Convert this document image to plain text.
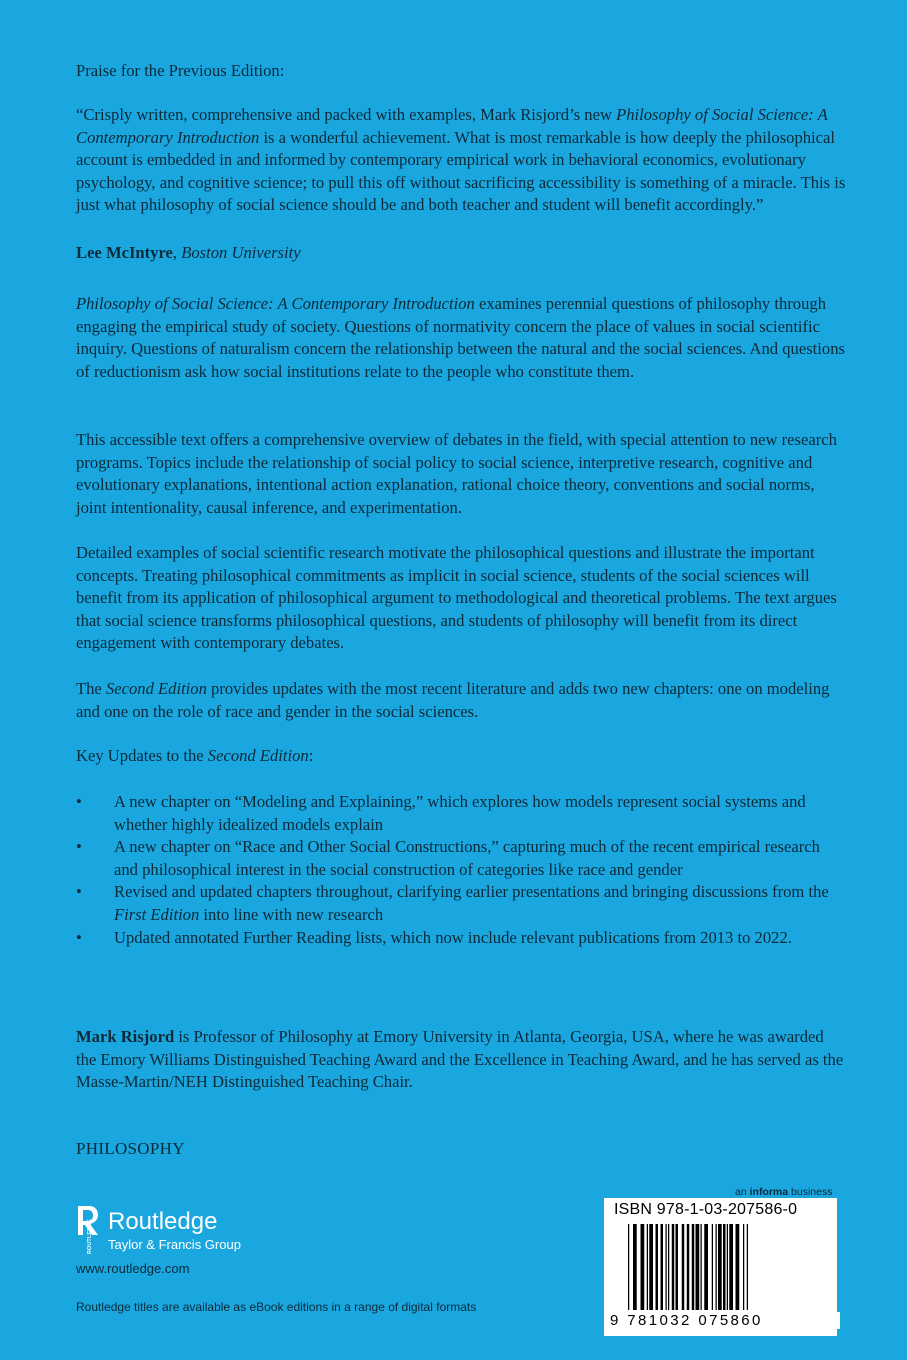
Praise for the Previous Edition:

“Crisply written, comprehensive and packed with examples, Mark Risjord’s new Philosophy of Social Science: A Contemporary Introduction is a wonderful achievement. What is most remarkable is how deeply the philosophical account is embedded in and informed by contemporary empirical work in behavioral economics, evolutionary psychology, and cognitive science; to pull this off without sacrificing accessibility is something of a miracle. This is just what philosophy of social science should be and both teacher and student will benefit accordingly.”

Lee McIntyre, Boston University

Philosophy of Social Science: A Contemporary Introduction examines perennial questions of philosophy through engaging the empirical study of society. Questions of normativity concern the place of values in social scientific inquiry. Questions of naturalism concern the relationship between the natural and the social sciences. And questions of reductionism ask how social institutions relate to the people who constitute them.

This accessible text offers a comprehensive overview of debates in the field, with special attention to new research programs. Topics include the relationship of social policy to social science, interpretive research, cognitive and evolutionary explanations, intentional action explanation, rational choice theory, conventions and social norms, joint intentionality, causal inference, and experimentation.

Detailed examples of social scientific research motivate the philosophical questions and illustrate the important concepts. Treating philosophical commitments as implicit in social science, students of the social sciences will benefit from its application of philosophical argument to methodological and theoretical problems. The text argues that social science transforms philosophical questions, and students of philosophy will benefit from its direct engagement with contemporary debates.

The Second Edition provides updates with the most recent literature and adds two new chapters: one on modeling and one on the role of race and gender in the social sciences.

Key Updates to the Second Edition:

• A new chapter on “Modeling and Explaining,” which explores how models represent social systems and whether highly idealized models explain
• A new chapter on “Race and Other Social Constructions,” capturing much of the recent empirical research and philosophical interest in the social construction of categories like race and gender
• Revised and updated chapters throughout, clarifying earlier presentations and bringing discussions from the First Edition into line with new research
• Updated annotated Further Reading lists, which now include relevant publications from 2013 to 2022.

Mark Risjord is Professor of Philosophy at Emory University in Atlanta, Georgia, USA, where he was awarded the Emory Williams Distinguished Teaching Award and the Excellence in Teaching Award, and he has served as the Masse-Martin/NEH Distinguished Teaching Chair.

PHILOSOPHY

ROUTLEDGE Routledge
Taylor & Francis Group
www.routledge.com

Routledge titles are available as eBook editions in a range of digital formats

an informa business
ISBN 978-1-03-207586-0
9 781032 075860
